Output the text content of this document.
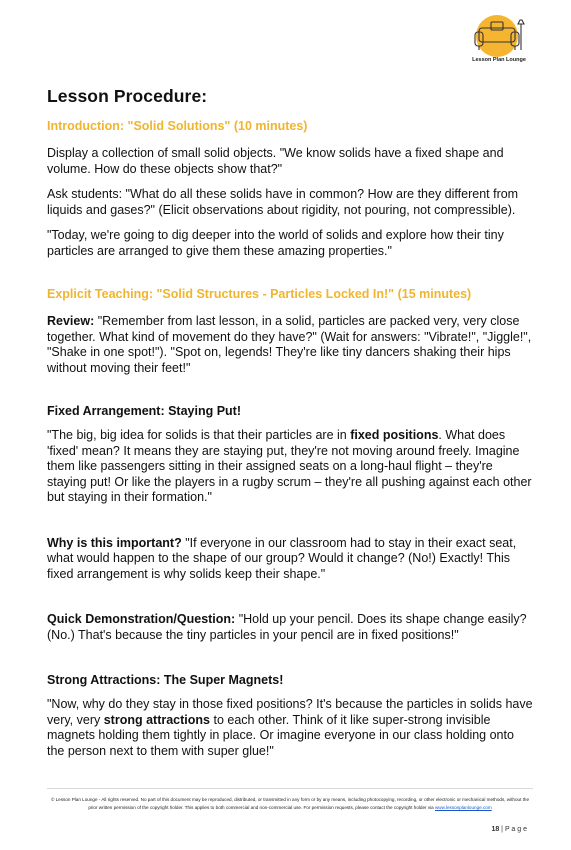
Lesson Plan Lounge
Lesson Procedure:
Introduction: "Solid Solutions" (10 minutes)

Display a collection of small solid objects. "We know solids have a fixed shape and volume. How do these objects show that?"

Ask students: "What do all these solids have in common? How are they different from liquids and gases?" (Elicit observations about rigidity, not pouring, not compressible).

"Today, we're going to dig deeper into the world of solids and explore how their tiny particles are arranged to give them these amazing properties."

Explicit Teaching: "Solid Structures - Particles Locked In!" (15 minutes)

Review: "Remember from last lesson, in a solid, particles are packed very, very close together. What kind of movement do they have?" (Wait for answers: "Vibrate!", "Jiggle!", "Shake in one spot!"). "Spot on, legends! They're like tiny dancers shaking their hips without moving their feet!"

Fixed Arrangement: Staying Put!

"The big, big idea for solids is that their particles are in fixed positions. What does 'fixed' mean? It means they are staying put, they're not moving around freely. Imagine them like passengers sitting in their assigned seats on a long-haul flight – they're staying put! Or like the players in a rugby scrum – they're all pushing against each other but staying in their formation."

Why is this important? "If everyone in our classroom had to stay in their exact seat, what would happen to the shape of our group? Would it change? (No!) Exactly! This fixed arrangement is why solids keep their shape."

Quick Demonstration/Question: "Hold up your pencil. Does its shape change easily? (No.) That's because the tiny particles in your pencil are in fixed positions!"

Strong Attractions: The Super Magnets!

"Now, why do they stay in those fixed positions? It's because the particles in solids have very, very strong attractions to each other. Think of it like super-strong invisible magnets holding them tightly in place. Or imagine everyone in our class holding onto the person next to them with super glue!"

© Lesson Plan Lounge - All rights reserved. No part of this document may be reproduced, distributed, or transmitted in any form or by any means, including photocopying, recording, or other electronic or mechanical methods, without the prior written permission of the copyright holder. This applies to both commercial and non-commercial use. For permission requests, please contact the copyright holder via www.lessonplanlounge.com
18 | P a g e
